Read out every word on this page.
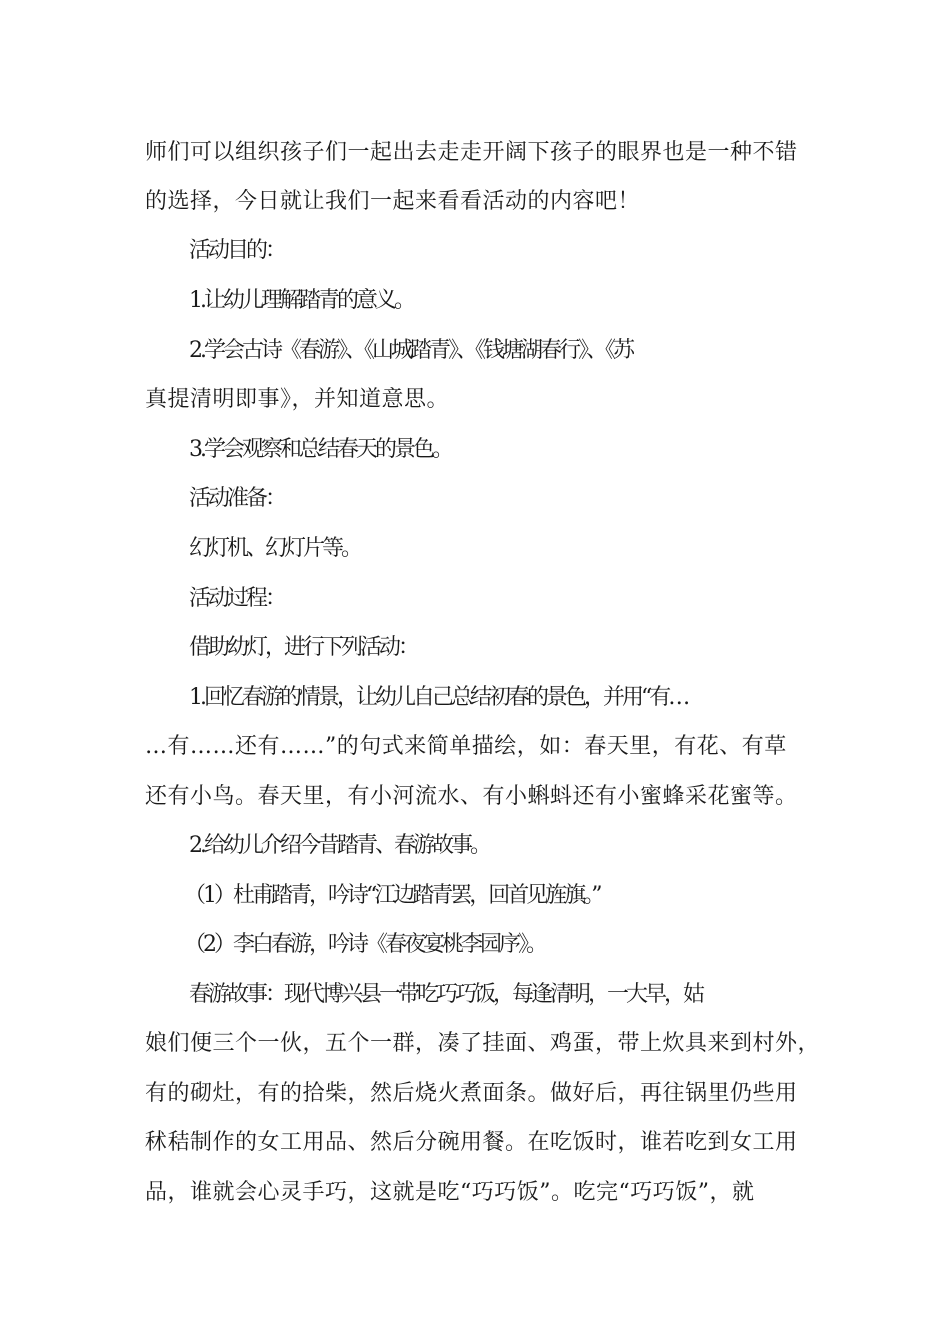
师们可以组织孩子们一起出去走走开阔下孩子的眼界也是一种不错
的选择，今日就让我们一起来看看活动的内容吧！
活动目的：
1.让幼儿理解踏青的意义。
2.学会古诗《春游》、《山城踏青》、《钱塘湖春行》、《苏
真提清明即事》，并知道意思。
3.学会观察和总结春天的景色。
活动准备：
幻灯机、幻灯片等。
活动过程：
借助幼灯，进行下列活动：
1.回忆春游的情景，让幼儿自己总结初春的景色，并用“有…
…有……还有……”的句式来简单描绘，如：春天里，有花、有草
还有小鸟。春天里，有小河流水、有小蝌蚪还有小蜜蜂采花蜜等。
2.给幼儿介绍今昔踏青、春游故事。
（1）杜甫踏青，吟诗“江边踏青罢，回首见旌旗。”
（2）李白春游，吟诗《春夜宴桃李园序》。
春游故事：现代博兴县一带吃巧巧饭，每逢清明，一大早，姑
娘们便三个一伙，五个一群，凑了挂面、鸡蛋，带上炊具来到村外，
有的砌灶，有的拾柴，然后烧火煮面条。做好后，再往锅里仍些用
秫秸制作的女工用品、然后分碗用餐。在吃饭时，谁若吃到女工用
品，谁就会心灵手巧，这就是吃“巧巧饭”。吃完“巧巧饭”，就
